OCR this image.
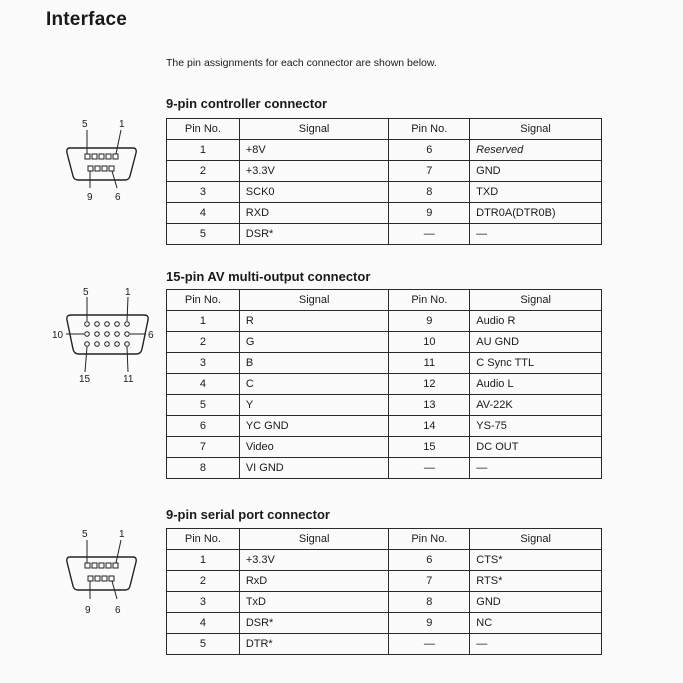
Interface
The pin assignments for each connector are shown below.
9-pin controller connector
5	1
9 6
Pin No.	Signal	Pin No.	Signal
1	+8V	6	Reserved
2	+3.3V	7	GND
3	SCK0	8	TXD
4	RXD	9	DTR0A(DTR0B)
5	DSR*	—	—
15-pin AV multi-output connector
5	1
10	6
15	11
Pin No.	Signal	Pin No.	Signal
1	R	9	Audio R
2	G	10	AU GND
3	B	11	C Sync TTL
4	C	12	Audio L
5	Y	13	AV-22K
6	YC GND	14	YS-75
7	Video	15	DC OUT
8	VI GND	—	—
9-pin serial port connector
5	1
9 6
Pin No.	Signal	Pin No.	Signal
1	+3.3V	6	CTS*
2	RxD	7	RTS*
3	TxD	8	GND
4	DSR*	9	NC
5	DTR*	—	—
